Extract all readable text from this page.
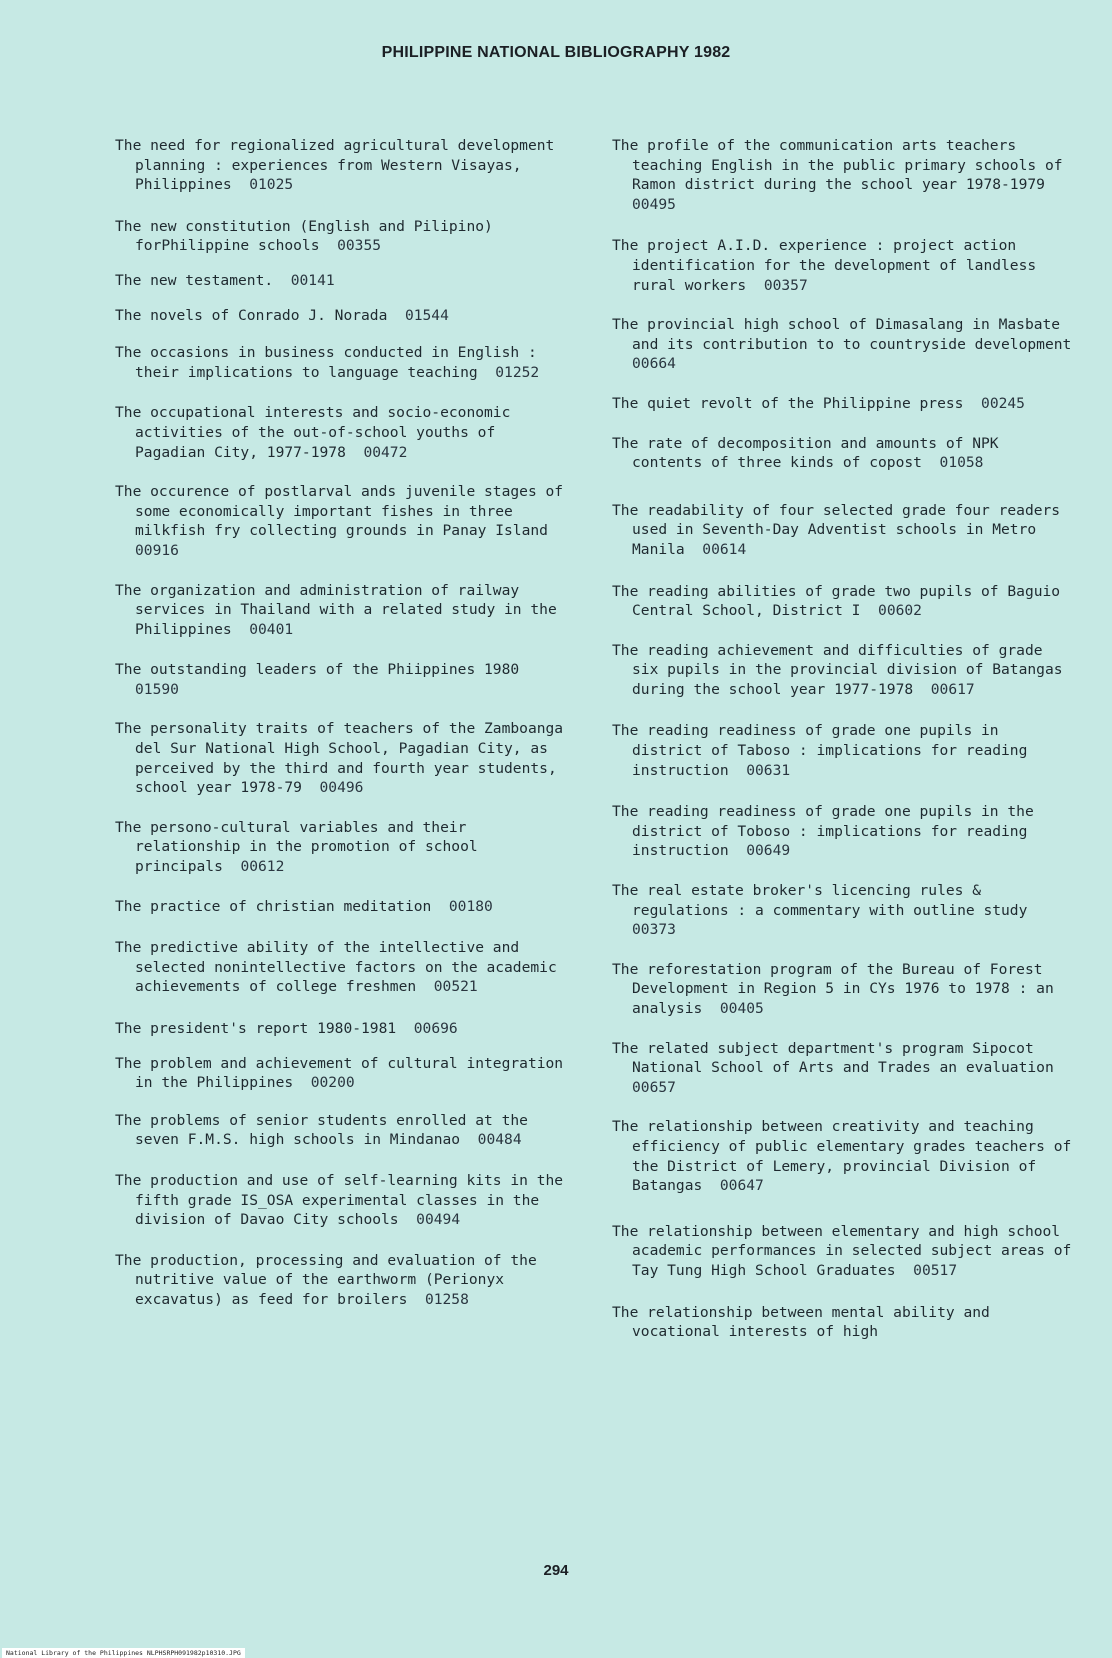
PHILIPPINE NATIONAL BIBLIOGRAPHY 1982
The need for regionalized agricultural development planning : experiences from Western Visayas, Philippines 01025
The new constitution (English and Pilipino) forPhilippine schools 00355
The new testament. 00141
The novels of Conrado J. Norada 01544
The occasions in business conducted in English : their implications to language teaching 01252
The occupational interests and socio-economic activities of the out-of-school youths of Pagadian City, 1977-1978 00472
The occurence of postlarval ands juvenile stages of some economically important fishes in three milkfish fry collecting grounds in Panay Island  00916
The organization and administration of railway services in Thailand with a related study in the Philippines 00401
The outstanding leaders of the Phiippines 1980  01590
The personality traits of teachers of the Zamboanga del Sur National High School, Pagadian City, as perceived by the third and fourth year students, school year 1978-79 00496
The persono-cultural variables and their relationship in the promotion of school principals 00612
The practice of christian meditation 00180
The predictive ability of the intellective and selected nonintellective factors on the academic achievements of college freshmen 00521
The president's report 1980-1981 00696
The problem and achievement of cultural integration in the Philippines 00200
The problems of senior students enrolled at the seven F.M.S. high schools in Mindanao 00484
The production and use of self-learning kits in the fifth grade IS_OSA experimental classes in the division of Davao City schools 00494
The production, processing and evaluation of the nutritive value of the earthworm (Perionyx excavatus) as feed for broilers 01258
The profile of the communication arts teachers teaching English in the public primary schools of Ramon district during the school year 1978-1979  00495
The project A.I.D. experience : project action identification for the development of landless rural workers 00357
The provincial high school of Dimasalang in Masbate and its contribution to to countryside development  00664
The quiet revolt of the Philippine press 00245
The rate of decomposition and amounts of NPK contents of three kinds of copost 01058
The readability of four selected grade four readers used in Seventh-Day Adventist schools in Metro Manila 00614
The reading abilities of grade two pupils of Baguio Central School, District I 00602
The reading achievement and difficulties of grade six pupils in the provincial division of Batangas during the school year 1977-1978 00617
The reading readiness of grade one pupils in district of Taboso : implications for reading instruction 00631
The reading readiness of grade one pupils in the district of Toboso : implications for reading instruction 00649
The real estate broker's licencing rules & regulations : a commentary with outline study  00373
The reforestation program of the Bureau of Forest Development in Region 5 in CYs 1976 to 1978 : an analysis 00405
The related subject department's program Sipocot National School of Arts and Trades an evaluation  00657
The relationship between creativity and teaching efficiency of public elementary grades teachers of the District of Lemery, provincial Division of Batangas 00647
The relationship between elementary and high school academic performances in selected subject areas of Tay Tung High School Graduates 00517
The relationship between mental ability and vocational interests of high
294
National Library of the Philippines NLPHSRPH091982p10310.JPG
